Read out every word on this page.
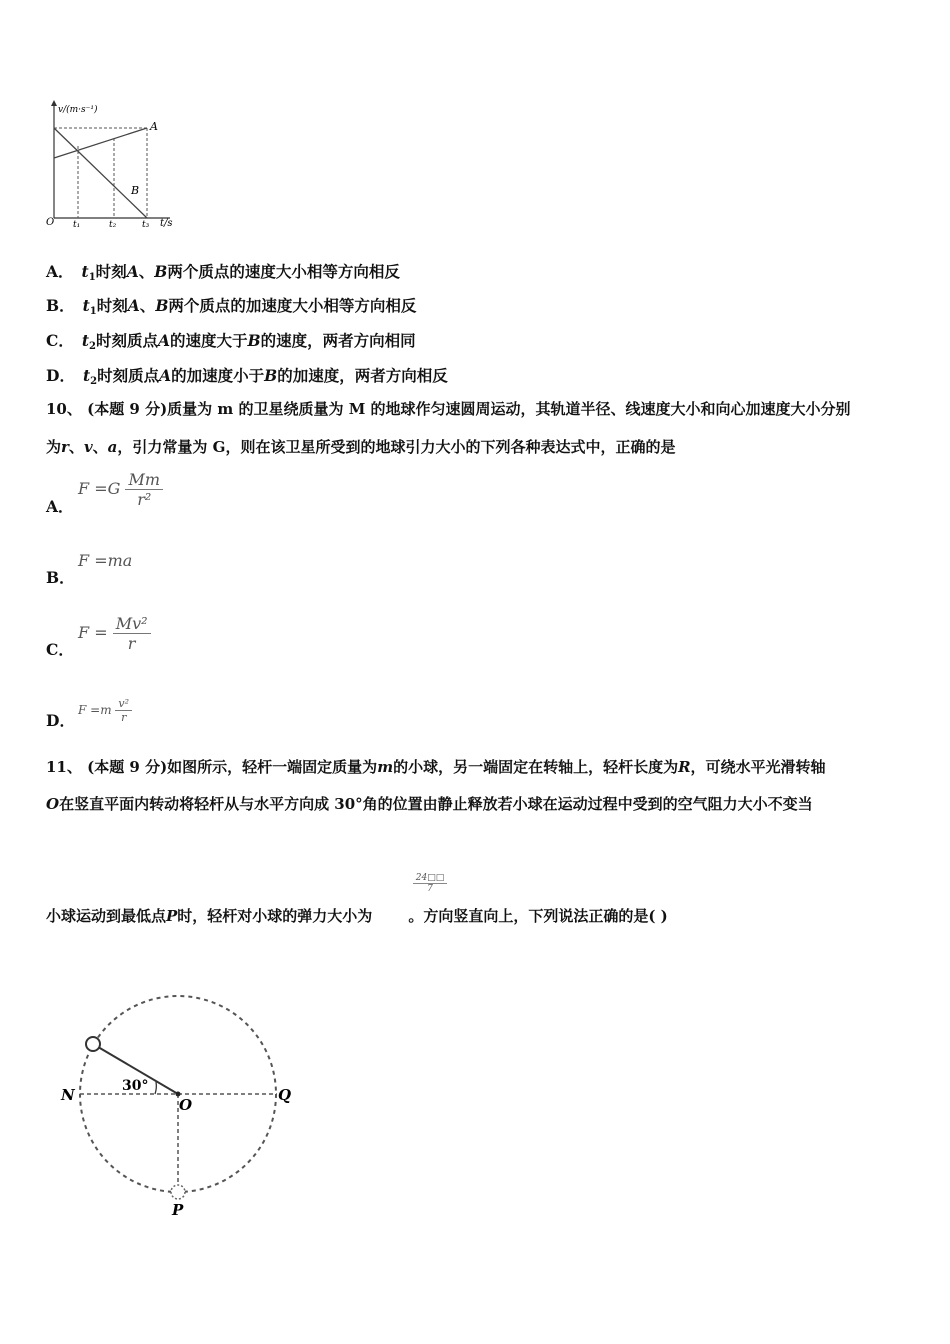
v/(m·s⁻¹)
t/s
O
A
B
t₁	t₂	t₃
A． $t_1$时刻A、B两个质点的速度大小相等方向相反
B． $t_1$时刻A、B两个质点的加速度大小相等方向相反
C． $t_2$时刻质点A的速度大于B的速度，两者方向相同
D． $t_2$时刻质点A的加速度小于B的加速度，两者方向相反
10、 (本题 9 分)质量为 m 的卫星绕质量为 M 的地球作匀速圆周运动，其轨道半径、线速度大小和向心加速度大小分别
为r、v、a，引力常量为 G，则在该卫星所受到的地球引力大小的下列各种表达式中，正确的是
A．
$F =G \frac{Mm}{\text{r²}}$
B．
F =ma
C．
$F = \frac{\text{Mv²}}{r}$
D．
$F =m \frac{\text{v²}}{r}$
11、 (本题 9 分)如图所示，轻杆一端固定质量为m的小球，另一端固定在转轴上，轻杆长度为R，可绕水平光滑转轴
O在竖直平面内转动将轻杆从与水平方向成 30°角的位置由静止释放若小球在运动过程中受到的空气阻力大小不变当
小球运动到最低点P时，轻杆对小球的弹力大小为 。方向竖直向上，下列说法正确的是( )
24□□
7
30°
N
O
Q
P
